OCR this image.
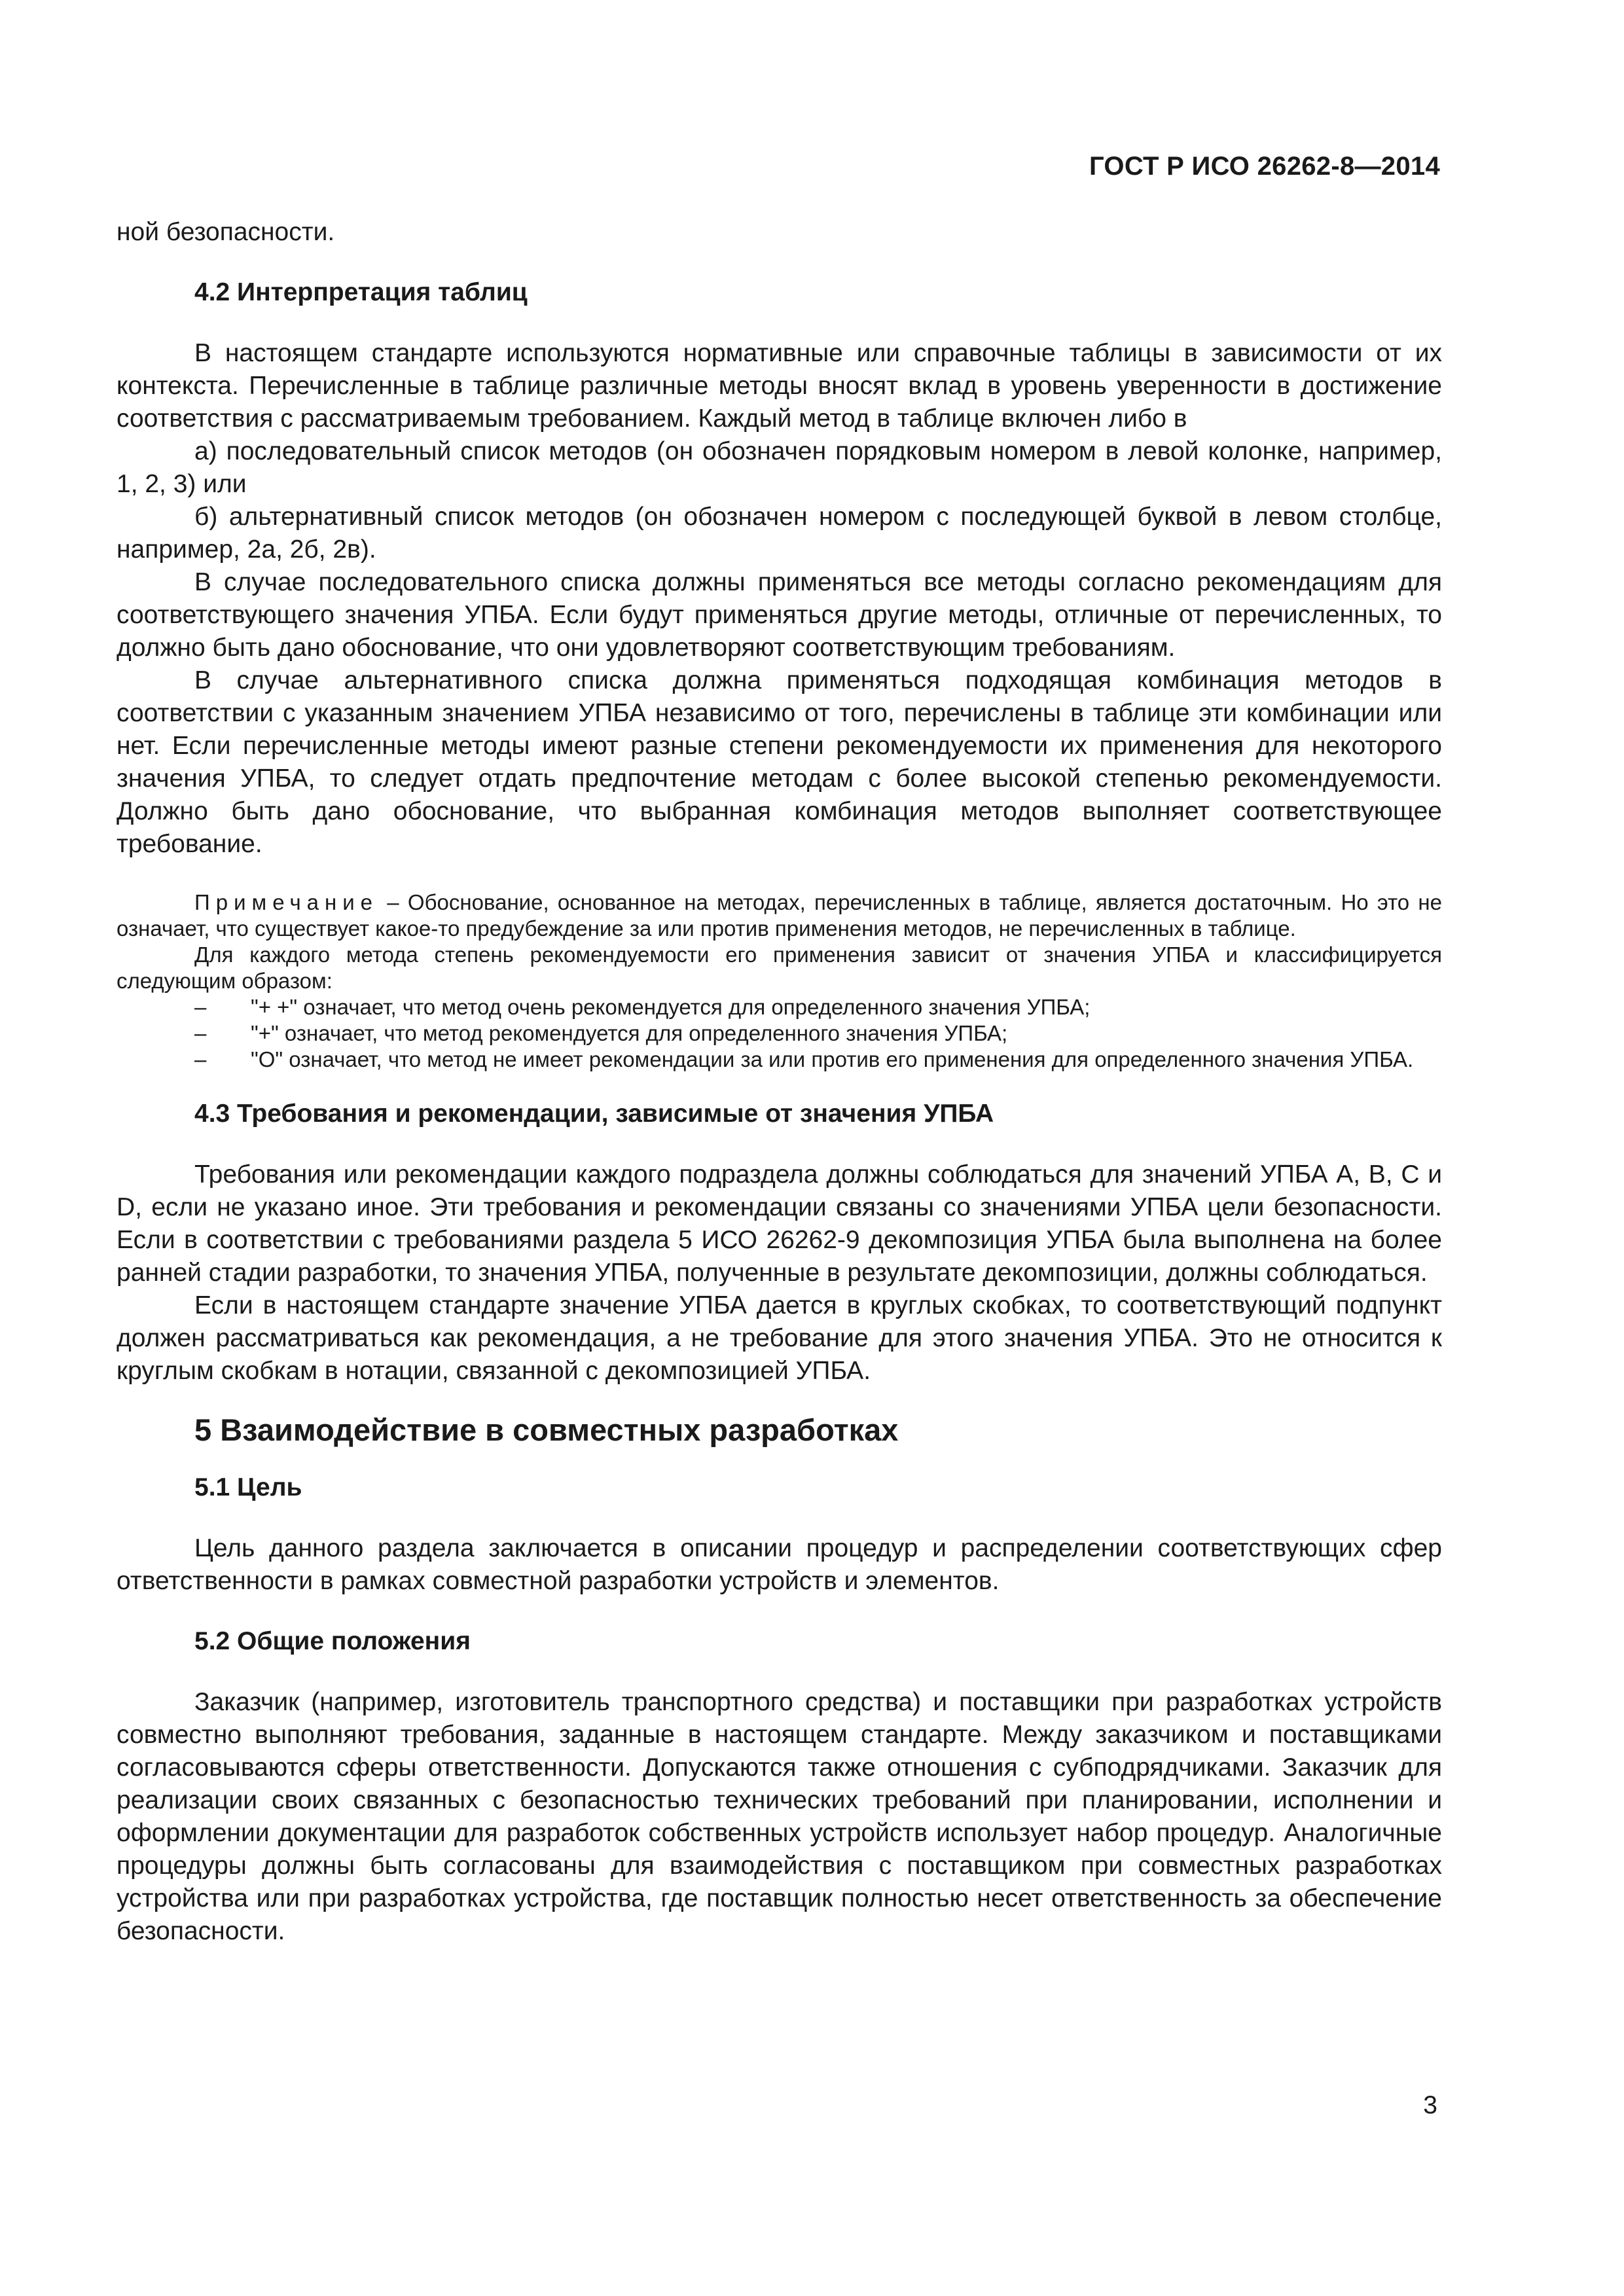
ГОСТ Р ИСО 26262-8—2014

ной безопасности.

4.2 Интерпретация таблиц

В настоящем стандарте используются нормативные или справочные таблицы в зависимости от их контекста. Перечисленные в таблице различные методы вносят вклад в уровень уверенности в достижение соответствия с рассматриваемым требованием. Каждый метод в таблице включен либо в

а) последовательный список методов (он обозначен порядковым номером в левой колонке, например, 1, 2, 3) или

б) альтернативный список методов (он обозначен номером с последующей буквой в левом столбце, например, 2а, 2б, 2в).

В случае последовательного списка должны применяться все методы согласно рекомендациям для соответствующего значения УПБА. Если будут применяться другие методы, отличные от перечисленных, то должно быть дано обоснование, что они удовлетворяют соответствующим требованиям.

В случае альтернативного списка должна применяться подходящая комбинация методов в соответствии с указанным значением УПБА независимо от того, перечислены в таблице эти комбинации или нет. Если перечисленные методы имеют разные степени рекомендуемости их применения для некоторого значения УПБА, то следует отдать предпочтение методам с более высокой степенью рекомендуемости. Должно быть дано обоснование, что выбранная комбинация методов выполняет соответствующее требование.

Примечание – Обоснование, основанное на методах, перечисленных в таблице, является достаточным. Но это не означает, что существует какое-то предубеждение за или против применения методов, не перечисленных в таблице.

Для каждого метода степень рекомендуемости его применения зависит от значения УПБА и классифицируется следующим образом:

– "+ +" означает, что метод очень рекомендуется для определенного значения УПБА;

– "+" означает, что метод рекомендуется для определенного значения УПБА;

– "О" означает, что метод не имеет рекомендации за или против его применения для определенного значения УПБА.

4.3 Требования и рекомендации, зависимые от значения УПБА

Требования или рекомендации каждого подраздела должны соблюдаться для значений УПБА А, В, С и D, если не указано иное. Эти требования и рекомендации связаны со значениями УПБА цели безопасности. Если в соответствии с требованиями раздела 5 ИСО 26262-9 декомпозиция УПБА была выполнена на более ранней стадии разработки, то значения УПБА, полученные в результате декомпозиции, должны соблюдаться.

Если в настоящем стандарте значение УПБА дается в круглых скобках, то соответствующий подпункт должен рассматриваться как рекомендация, а не требование для этого значения УПБА. Это не относится к круглым скобкам в нотации, связанной с декомпозицией УПБА.

5 Взаимодействие в совместных разработках

5.1 Цель

Цель данного раздела заключается в описании процедур и распределении соответствующих сфер ответственности в рамках совместной разработки устройств и элементов.

5.2 Общие положения

Заказчик (например, изготовитель транспортного средства) и поставщики при разработках устройств совместно выполняют требования, заданные в настоящем стандарте. Между заказчиком и поставщиками согласовываются сферы ответственности. Допускаются также отношения с субподрядчиками. Заказчик для реализации своих связанных с безопасностью технических требований при планировании, исполнении и оформлении документации для разработок собственных устройств использует набор процедур. Аналогичные процедуры должны быть согласованы для взаимодействия с поставщиком при совместных разработках устройства или при разработках устройства, где поставщик полностью несет ответственность за обеспечение безопасности.

3
